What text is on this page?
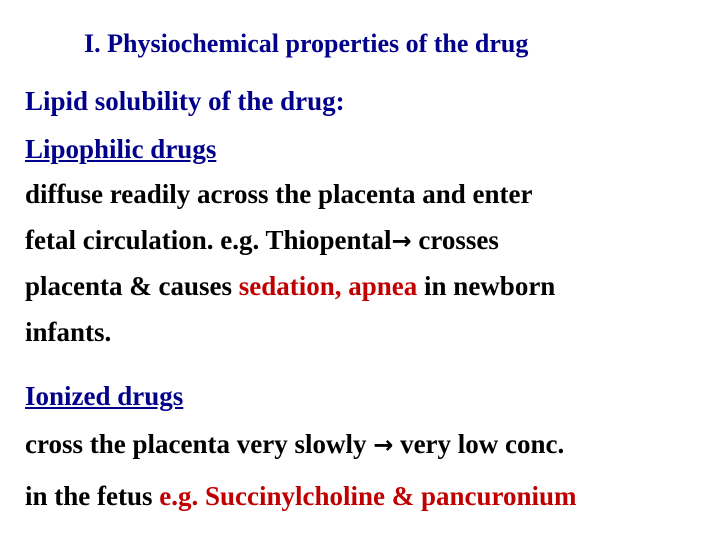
I. Physiochemical properties of the drug
Lipid solubility of the drug:
Lipophilic drugs
diffuse readily across the placenta and enter
fetal circulation. e.g. Thiopental→ crosses
placenta & causes sedation, apnea in newborn
infants.
Ionized drugs
cross the placenta very slowly → very low conc.
in the fetus e.g. Succinylcholine & pancuronium
